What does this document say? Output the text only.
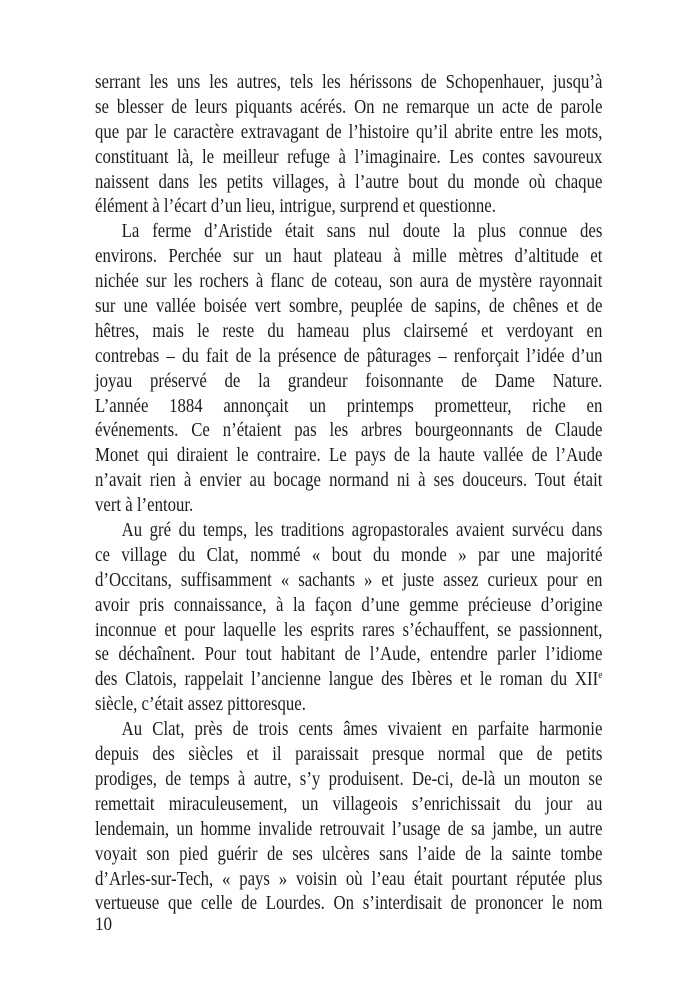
serrant les uns les autres, tels les hérissons de Schopenhauer, jusqu’à
se blesser de leurs piquants acérés. On ne remarque un acte de parole
que par le caractère extravagant de l’histoire qu’il abrite entre les mots,
constituant là, le meilleur refuge à l’imaginaire. Les contes savoureux
naissent dans les petits villages, à l’autre bout du monde où chaque
élément à l’écart d’un lieu, intrigue, surprend et questionne.
La ferme d’Aristide était sans nul doute la plus connue des
environs. Perchée sur un haut plateau à mille mètres d’altitude et
nichée sur les rochers à flanc de coteau, son aura de mystère rayonnait
sur une vallée boisée vert sombre, peuplée de sapins, de chênes et de
hêtres, mais le reste du hameau plus clairsemé et verdoyant en
contrebas – du fait de la présence de pâturages – renforçait l’idée d’un
joyau préservé de la grandeur foisonnante de Dame Nature.
L’année 1884 annonçait un printemps prometteur, riche en
événements. Ce n’étaient pas les arbres bourgeonnants de Claude
Monet qui diraient le contraire. Le pays de la haute vallée de l’Aude
n’avait rien à envier au bocage normand ni à ses douceurs. Tout était
vert à l’entour.
Au gré du temps, les traditions agropastorales avaient survécu dans
ce village du Clat, nommé « bout du monde » par une majorité
d’Occitans, suffisamment « sachants » et juste assez curieux pour en
avoir pris connaissance, à la façon d’une gemme précieuse d’origine
inconnue et pour laquelle les esprits rares s’échauffent, se passionnent,
se déchaînent. Pour tout habitant de l’Aude, entendre parler l’idiome
des Clatois, rappelait l’ancienne langue des Ibères et le roman du XIIe
siècle, c’était assez pittoresque.
Au Clat, près de trois cents âmes vivaient en parfaite harmonie
depuis des siècles et il paraissait presque normal que de petits
prodiges, de temps à autre, s’y produisent. De-ci, de-là un mouton se
remettait miraculeusement, un villageois s’enrichissait du jour au
lendemain, un homme invalide retrouvait l’usage de sa jambe, un autre
voyait son pied guérir de ses ulcères sans l’aide de la sainte tombe
d’Arles-sur-Tech, « pays » voisin où l’eau était pourtant réputée plus
vertueuse que celle de Lourdes. On s’interdisait de prononcer le nom
10
